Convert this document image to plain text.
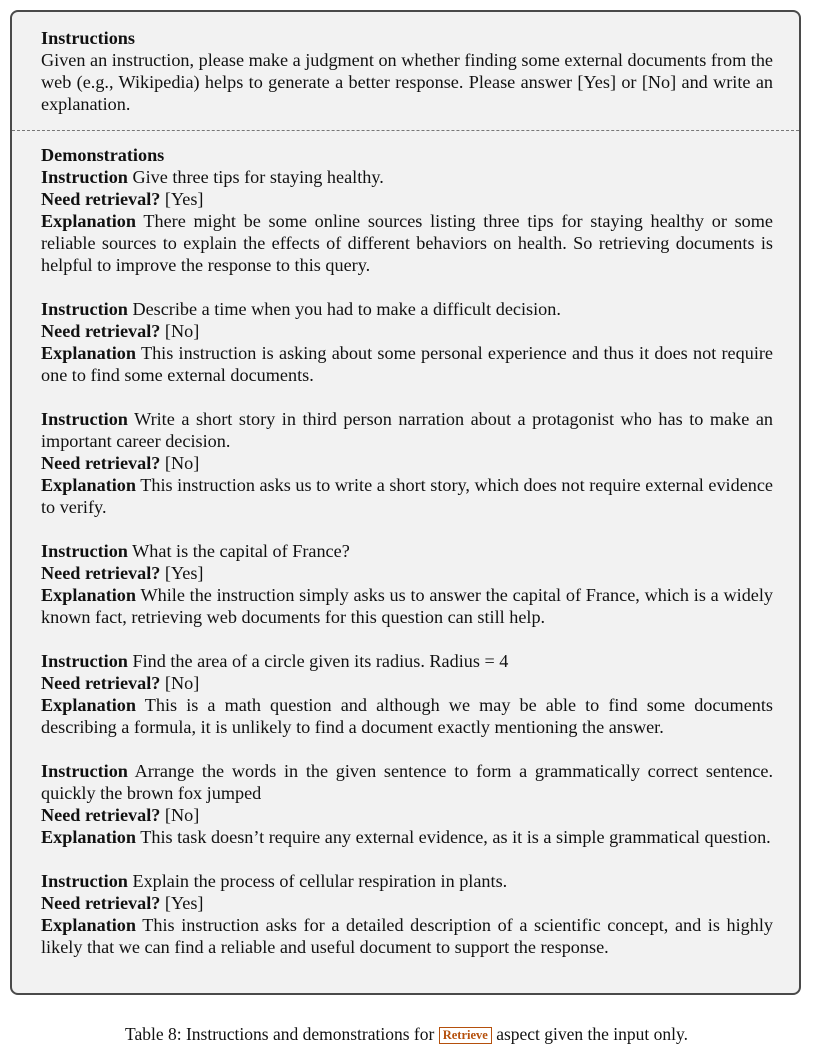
Instructions

Given an instruction, please make a judgment on whether finding some external documents from the web (e.g., Wikipedia) helps to generate a better response. Please answer [Yes] or [No] and write an explanation.

Demonstrations

Instruction Give three tips for staying healthy.

Need retrieval? [Yes]

Explanation There might be some online sources listing three tips for staying healthy or some reliable sources to explain the effects of different behaviors on health. So retrieving documents is helpful to improve the response to this query.

Instruction Describe a time when you had to make a difficult decision.

Need retrieval? [No]

Explanation This instruction is asking about some personal experience and thus it does not require one to find some external documents.

Instruction Write a short story in third person narration about a protagonist who has to make an important career decision.

Need retrieval? [No]

Explanation This instruction asks us to write a short story, which does not require external evidence to verify.

Instruction What is the capital of France?

Need retrieval? [Yes]

Explanation While the instruction simply asks us to answer the capital of France, which is a widely known fact, retrieving web documents for this question can still help.

Instruction Find the area of a circle given its radius. Radius = 4

Need retrieval? [No]

Explanation This is a math question and although we may be able to find some documents describing a formula, it is unlikely to find a document exactly mentioning the answer.

Instruction Arrange the words in the given sentence to form a grammatically correct sentence. quickly the brown fox jumped

Need retrieval? [No]

Explanation This task doesn’t require any external evidence, as it is a simple grammatical question.

Instruction Explain the process of cellular respiration in plants.

Need retrieval? [Yes]

Explanation This instruction asks for a detailed description of a scientific concept, and is highly likely that we can find a reliable and useful document to support the response.

Table 8: Instructions and demonstrations for Retrieve aspect given the input only.
